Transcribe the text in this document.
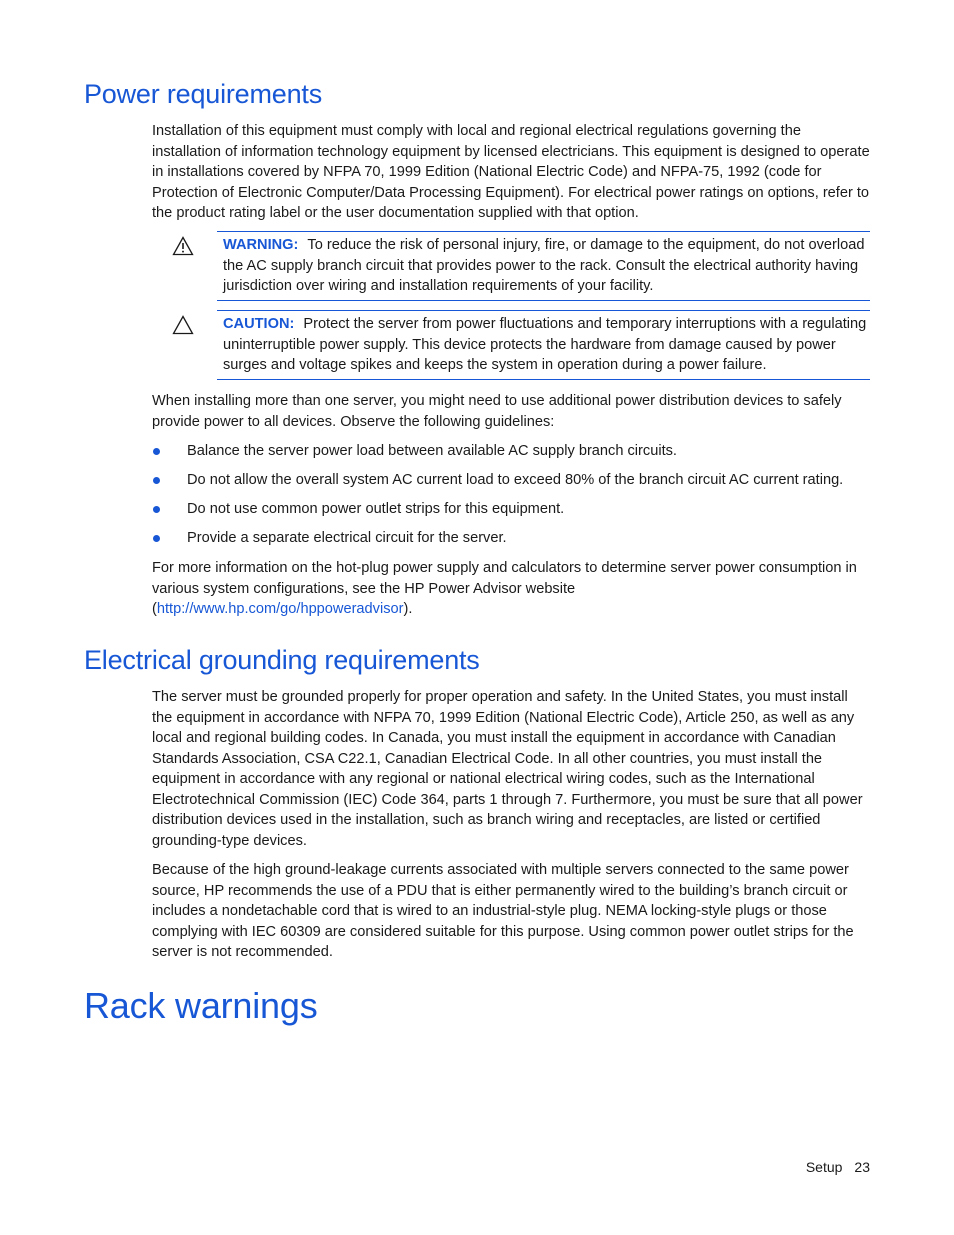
Power requirements

Installation of this equipment must comply with local and regional electrical regulations governing the installation of information technology equipment by licensed electricians. This equipment is designed to operate in installations covered by NFPA 70, 1999 Edition (National Electric Code) and NFPA-75, 1992 (code for Protection of Electronic Computer/Data Processing Equipment). For electrical power ratings on options, refer to the product rating label or the user documentation supplied with that option.

WARNING: To reduce the risk of personal injury, fire, or damage to the equipment, do not overload the AC supply branch circuit that provides power to the rack. Consult the electrical authority having jurisdiction over wiring and installation requirements of your facility.
CAUTION: Protect the server from power fluctuations and temporary interruptions with a regulating uninterruptible power supply. This device protects the hardware from damage caused by power surges and voltage spikes and keeps the system in operation during a power failure.

When installing more than one server, you might need to use additional power distribution devices to safely provide power to all devices. Observe the following guidelines:

Balance the server power load between available AC supply branch circuits.
Do not allow the overall system AC current load to exceed 80% of the branch circuit AC current rating.
Do not use common power outlet strips for this equipment.
Provide a separate electrical circuit for the server.

For more information on the hot-plug power supply and calculators to determine server power consumption in various system configurations, see the HP Power Advisor website
(http://www.hp.com/go/hppoweradvisor).

Electrical grounding requirements

The server must be grounded properly for proper operation and safety. In the United States, you must install the equipment in accordance with NFPA 70, 1999 Edition (National Electric Code), Article 250, as well as any local and regional building codes. In Canada, you must install the equipment in accordance with Canadian Standards Association, CSA C22.1, Canadian Electrical Code. In all other countries, you must install the equipment in accordance with any regional or national electrical wiring codes, such as the International Electrotechnical Commission (IEC) Code 364, parts 1 through 7. Furthermore, you must be sure that all power distribution devices used in the installation, such as branch wiring and receptacles, are listed or certified grounding-type devices.

Because of the high ground-leakage currents associated with multiple servers connected to the same power source, HP recommends the use of a PDU that is either permanently wired to the building’s branch circuit or includes a nondetachable cord that is wired to an industrial-style plug. NEMA locking-style plugs or those complying with IEC 60309 are considered suitable for this purpose. Using common power outlet strips for the server is not recommended.

Rack warnings
Setup 23
